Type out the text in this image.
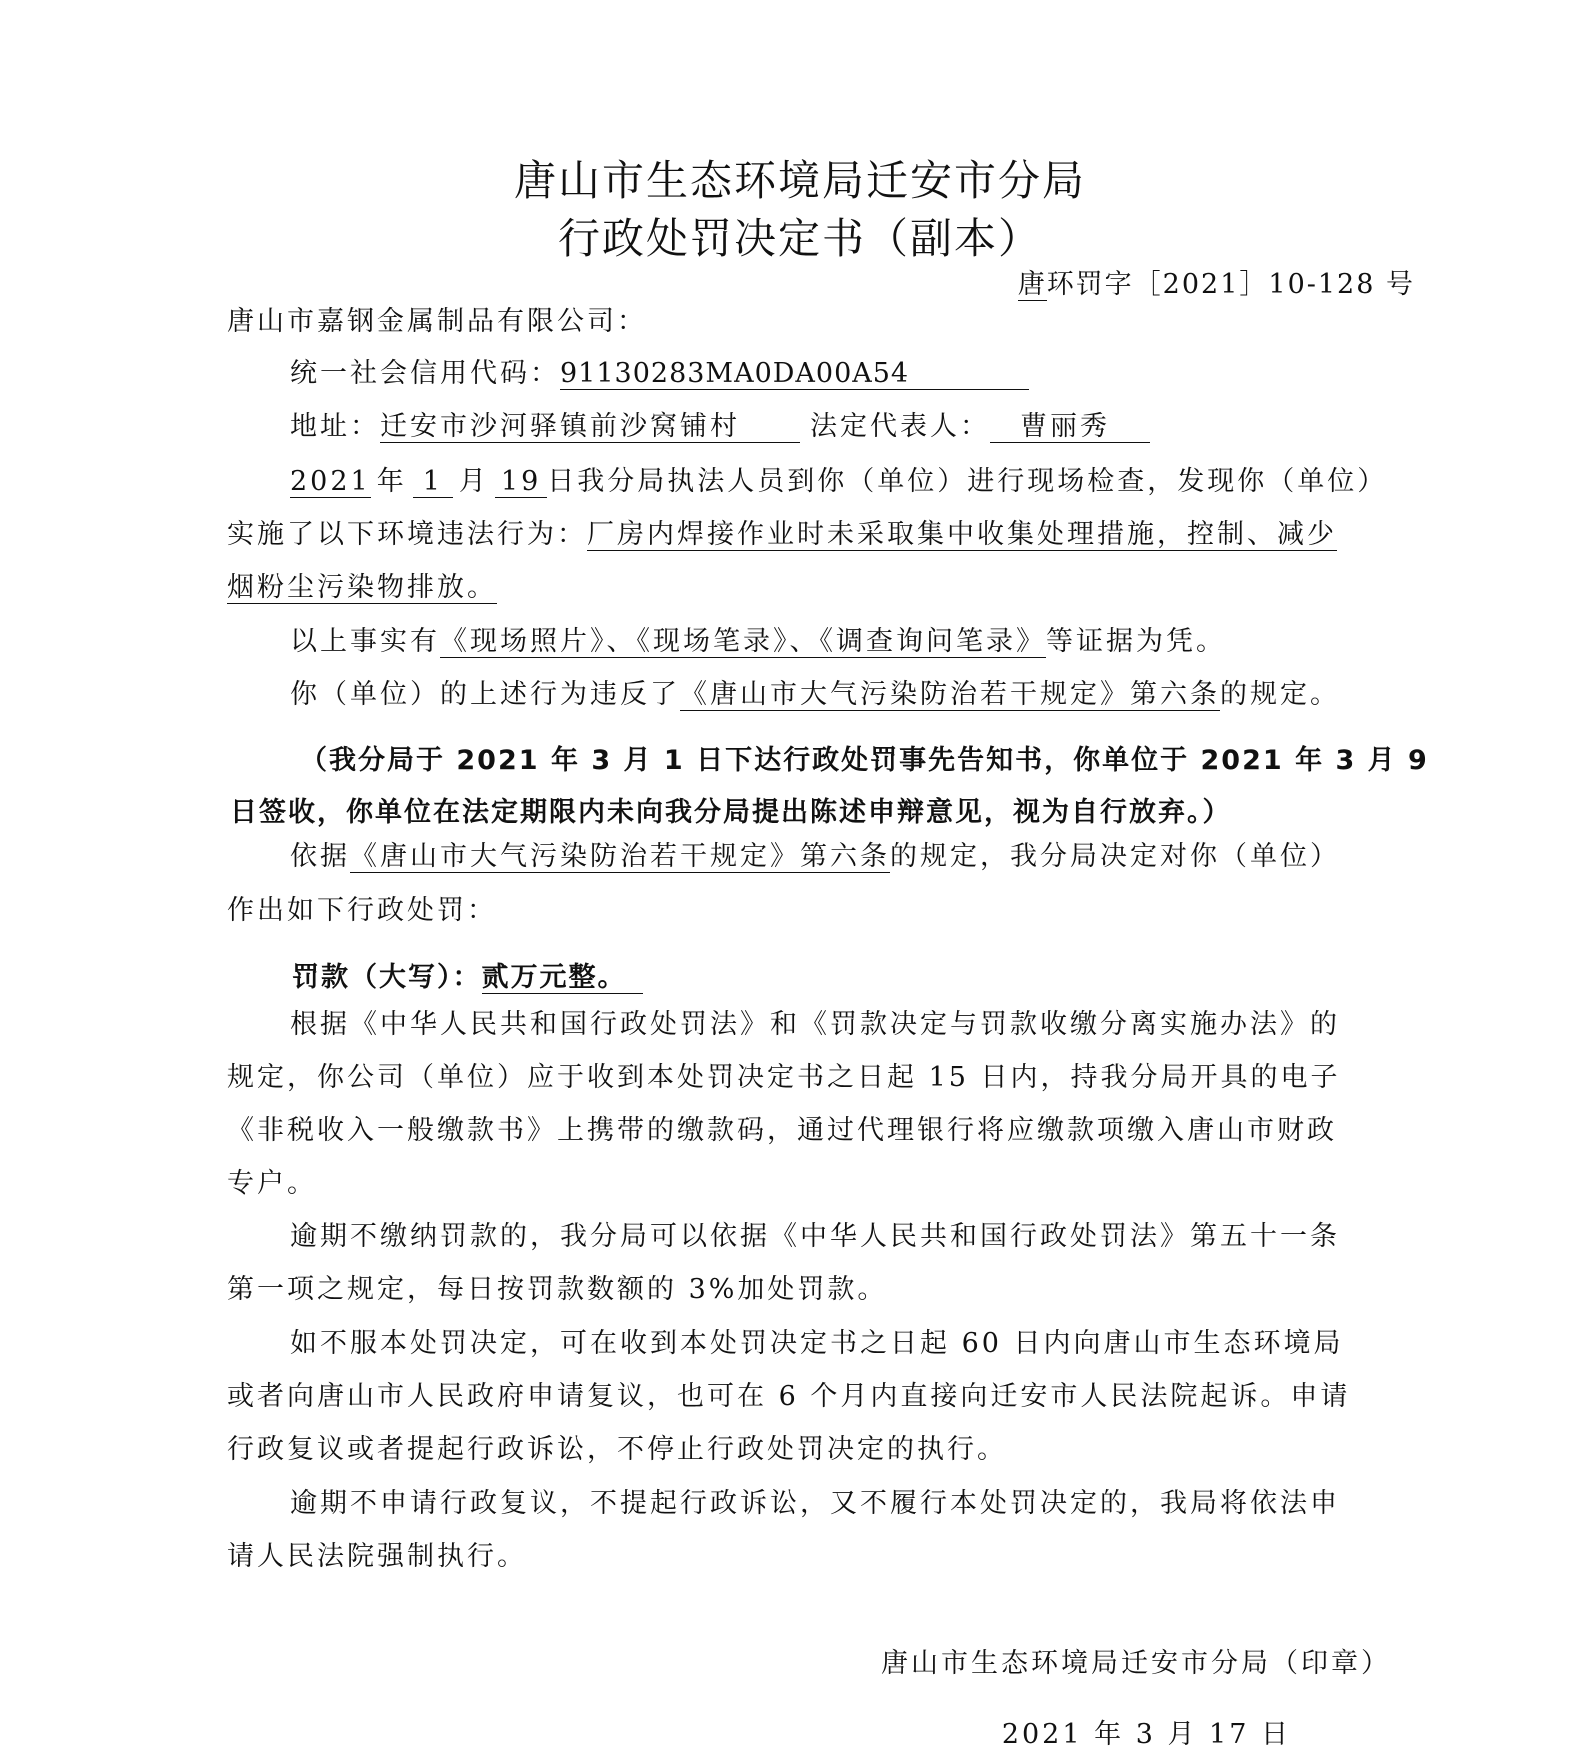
唐山市生态环境局迁安市分局
行政处罚决定书（副本）
唐环罚字［2021］10-128 号
唐山市嘉钢金属制品有限公司：
统一社会信用代码：91130283MA0DA00A54
地址：迁安市沙河驿镇前沙窝铺村	法定代表人： 曹丽秀
2021 年 1 月 19 日我分局执法人员到你（单位）进行现场检查，发现你（单位）
实施了以下环境违法行为：厂房内焊接作业时未采取集中收集处理措施，控制、减少
烟粉尘污染物排放。
以上事实有《现场照片》、《现场笔录》、《调查询问笔录》等证据为凭。
你（单位）的上述行为违反了《唐山市大气污染防治若干规定》第六条的规定。
（我分局于 2021 年 3 月 1 日下达行政处罚事先告知书，你单位于 2021 年 3 月 9
日签收，你单位在法定期限内未向我分局提出陈述申辩意见，视为自行放弃。）
依据《唐山市大气污染防治若干规定》第六条的规定，我分局决定对你（单位）
作出如下行政处罚：
罚款（大写）：贰万元整。
根据《中华人民共和国行政处罚法》和《罚款决定与罚款收缴分离实施办法》的
规定，你公司（单位）应于收到本处罚决定书之日起 15 日内，持我分局开具的电子
《非税收入一般缴款书》上携带的缴款码，通过代理银行将应缴款项缴入唐山市财政
专户。
逾期不缴纳罚款的，我分局可以依据《中华人民共和国行政处罚法》第五十一条
第一项之规定，每日按罚款数额的 3%加处罚款。
如不服本处罚决定，可在收到本处罚决定书之日起 60 日内向唐山市生态环境局
或者向唐山市人民政府申请复议，也可在 6 个月内直接向迁安市人民法院起诉。申请
行政复议或者提起行政诉讼，不停止行政处罚决定的执行。
逾期不申请行政复议，不提起行政诉讼，又不履行本处罚决定的，我局将依法申
请人民法院强制执行。
唐山市生态环境局迁安市分局（印章）
2021 年 3 月 17 日
